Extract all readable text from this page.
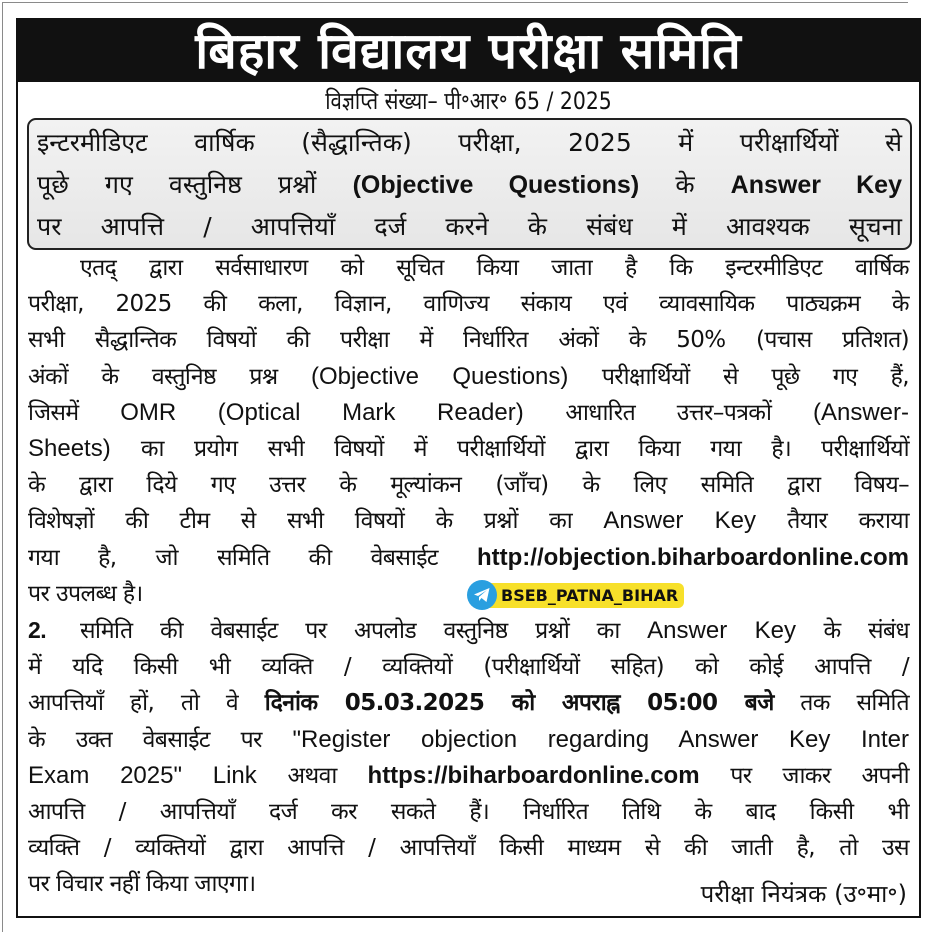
बिहार विद्यालय परीक्षा समिति
विज्ञप्ति संख्या– पी॰आर॰ 65 / 2025
इन्टरमीडिएट वार्षिक (सैद्धान्तिक) परीक्षा, 2025 में परीक्षार्थियों से
पूछे गए वस्तुनिष्ठ प्रश्नों (Objective Questions) के Answer Key
पर आपत्ति / आपत्तियाँ दर्ज करने के संबंध में आवश्यक सूचना
एतद् द्वारा सर्वसाधारण को सूचित किया जाता है कि इन्टरमीडिएट वार्षिक
परीक्षा, 2025 की कला, विज्ञान, वाणिज्य संकाय एवं व्यावसायिक पाठ्यक्रम के
सभी सैद्धान्तिक विषयों की परीक्षा में निर्धारित अंकों के 50% (पचास प्रतिशत)
अंकों के वस्तुनिष्ठ प्रश्न (Objective Questions) परीक्षार्थियों से पूछे गए हैं,
जिसमें OMR (Optical Mark Reader) आधारित उत्तर–पत्रकों (Answer-
Sheets) का प्रयोग सभी विषयों में परीक्षार्थियों द्वारा किया गया है। परीक्षार्थियों
के द्वारा दिये गए उत्तर के मूल्यांकन (जाँच) के लिए समिति द्वारा विषय–
विशेषज्ञों की टीम से सभी विषयों के प्रश्नों का Answer Key तैयार कराया
गया है, जो समिति की वेबसाईट http://objection.biharboardonline.com
पर उपलब्ध है।
2. समिति की वेबसाईट पर अपलोड वस्तुनिष्ठ प्रश्नों का Answer Key के संबंध
में यदि किसी भी व्यक्ति / व्यक्तियों (परीक्षार्थियों सहित) को कोई आपत्ति /
आपत्तियाँ हों, तो वे दिनांक 05.03.2025 को अपराह्न 05:00 बजे तक समिति
के उक्त वेबसाईट पर "Register objection regarding Answer Key Inter
Exam 2025" Link अथवा https://biharboardonline.com पर जाकर अपनी
आपत्ति / आपत्तियाँ दर्ज कर सकते हैं। निर्धारित तिथि के बाद किसी भी
व्यक्ति / व्यक्तियों द्वारा आपत्ति / आपत्तियाँ किसी माध्यम से की जाती है, तो उस
पर विचार नहीं किया जाएगा।	परीक्षा नियंत्रक (उ॰मा॰)
BSEB_PATNA_BIHAR
